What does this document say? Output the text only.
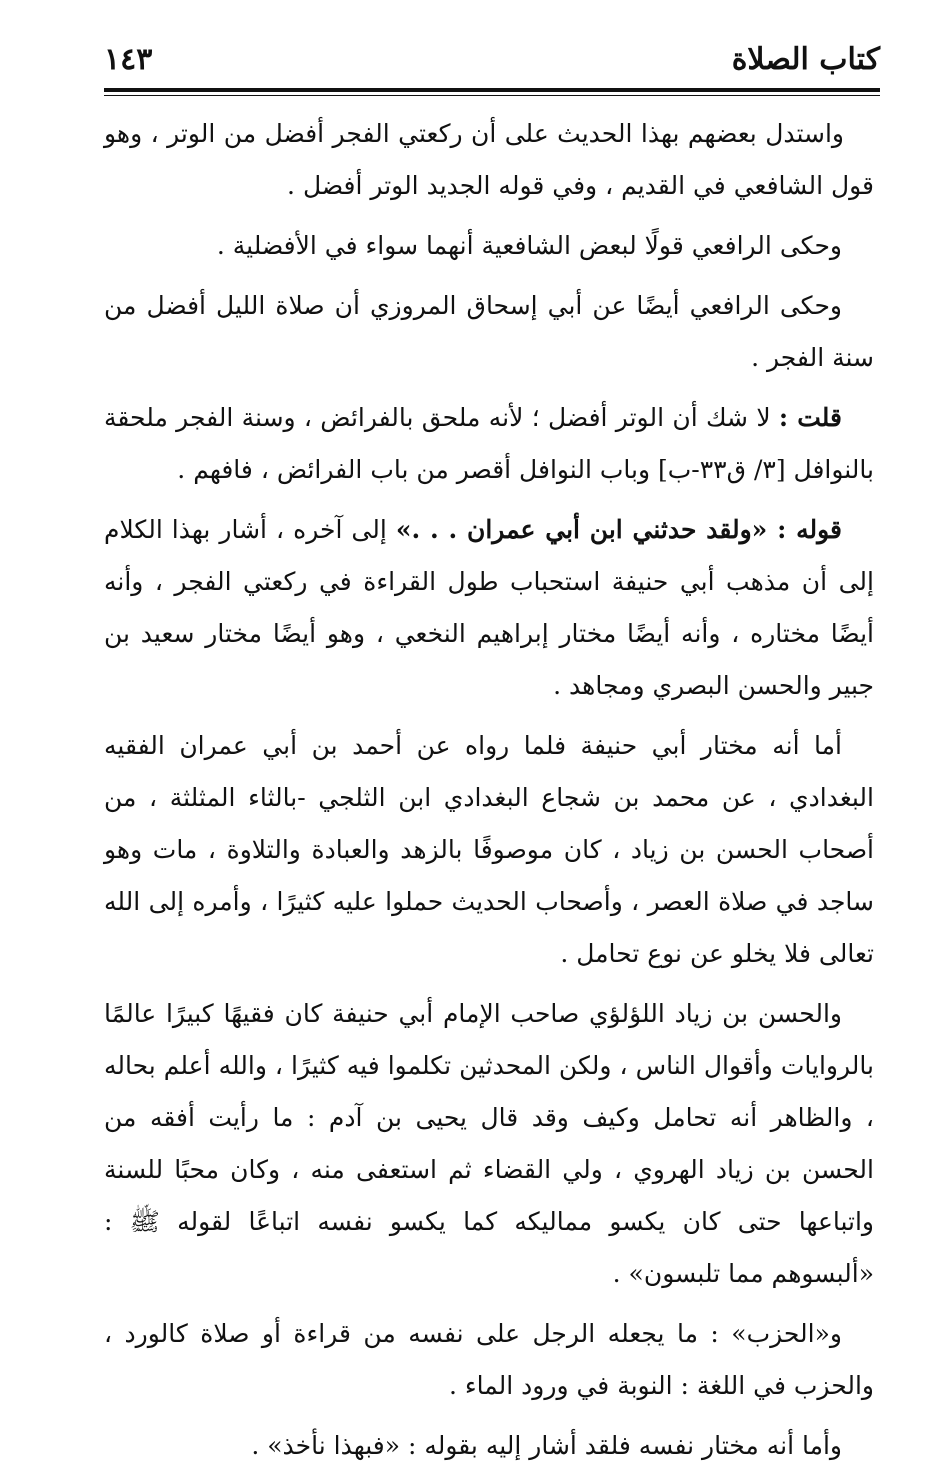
كتاب الصلاة
١٤٣

واستدل بعضهم بهذا الحديث على أن ركعتي الفجر أفضل من الوتر ، وهو قول الشافعي في القديم ، وفي قوله الجديد الوتر أفضل .

وحكى الرافعي قولًا لبعض الشافعية أنهما سواء في الأفضلية .

وحكى الرافعي أيضًا عن أبي إسحاق المروزي أن صلاة الليل أفضل من سنة الفجر .

قلت : لا شك أن الوتر أفضل ؛ لأنه ملحق بالفرائض ، وسنة الفجر ملحقة بالنوافل [٣/ ق٣٣-ب] وباب النوافل أقصر من باب الفرائض ، فافهم .

قوله : «ولقد حدثني ابن أبي عمران . . .» إلى آخره ، أشار بهذا الكلام إلى أن مذهب أبي حنيفة استحباب طول القراءة في ركعتي الفجر ، وأنه أيضًا مختاره ، وأنه أيضًا مختار إبراهيم النخعي ، وهو أيضًا مختار سعيد بن جبير والحسن البصري ومجاهد .

أما أنه مختار أبي حنيفة فلما رواه عن أحمد بن أبي عمران الفقيه البغدادي ، عن محمد بن شجاع البغدادي ابن الثلجي -بالثاء المثلثة ، من أصحاب الحسن بن زياد ، كان موصوفًا بالزهد والعبادة والتلاوة ، مات وهو ساجد في صلاة العصر ، وأصحاب الحديث حملوا عليه كثيرًا ، وأمره إلى الله تعالى فلا يخلو عن نوع تحامل .

والحسن بن زياد اللؤلؤي صاحب الإمام أبي حنيفة كان فقيهًا كبيرًا عالمًا بالروايات وأقوال الناس ، ولكن المحدثين تكلموا فيه كثيرًا ، والله أعلم بحاله ، والظاهر أنه تحامل وكيف وقد قال يحيى بن آدم : ما رأيت أفقه من الحسن بن زياد الهروي ، ولي القضاء ثم استعفى منه ، وكان محبًا للسنة واتباعها حتى كان يكسو مماليكه كما يكسو نفسه اتباعًا لقوله ﷺ : «ألبسوهم مما تلبسون» .

و«الحزب» : ما يجعله الرجل على نفسه من قراءة أو صلاة كالورد ، والحزب في اللغة : النوبة في ورود الماء .

وأما أنه مختار نفسه فلقد أشار إليه بقوله : «فبهذا نأخذ» .
